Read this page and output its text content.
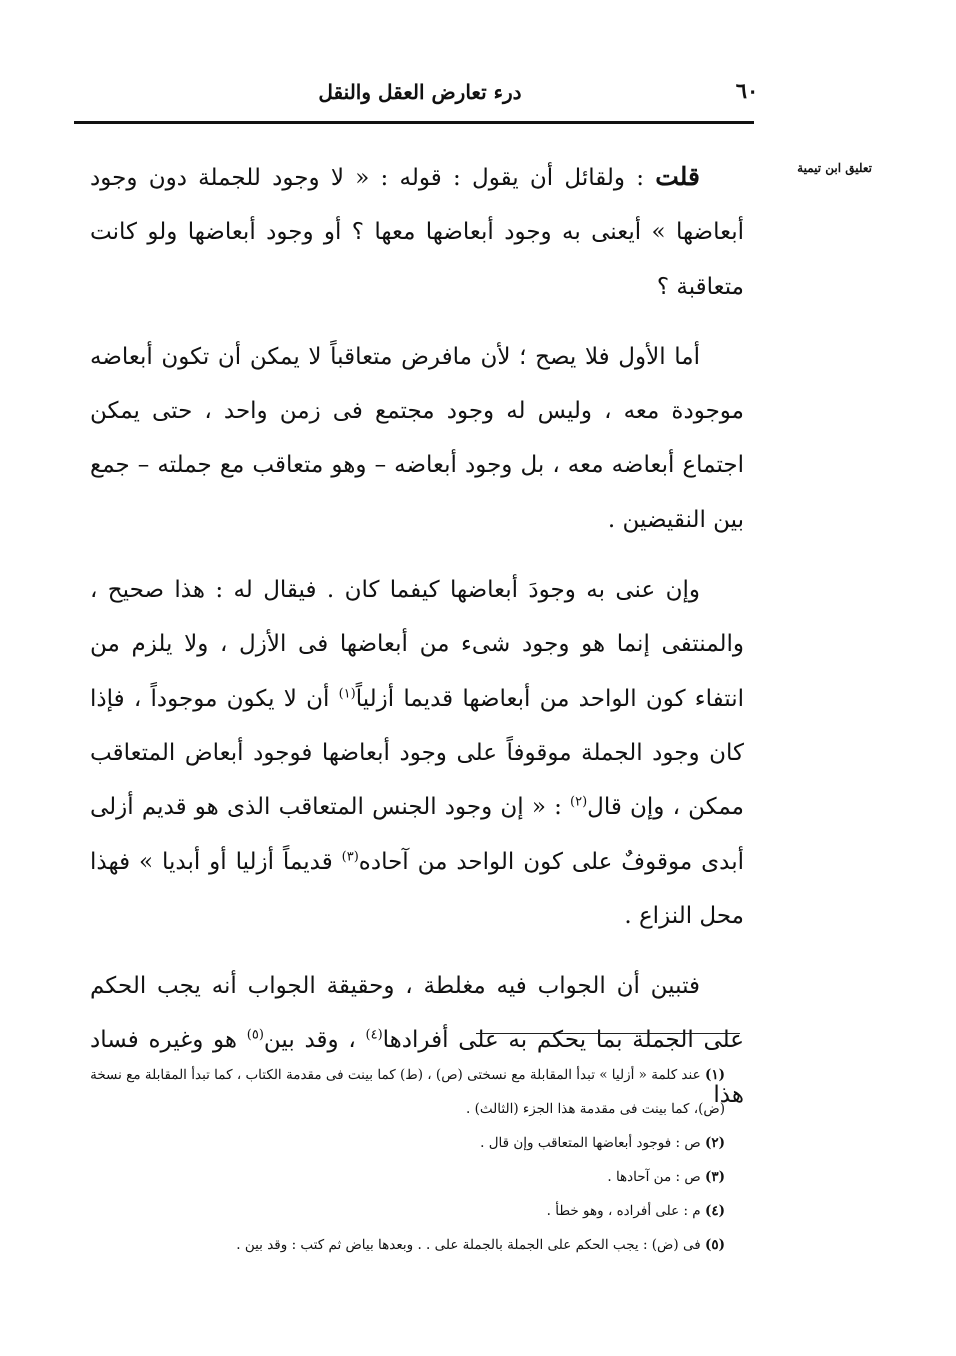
٦٠
درء تعارض العقل والنقل
تعليق ابن تيمية

قلت : ولقائل أن يقول : قوله : « لا وجود للجملة دون وجود أبعاضها » أيعنى به وجود أبعاضها معها ؟ أو وجود أبعاضها ولو كانت متعاقبة ؟

أما الأول فلا يصح ؛ لأن مافرض متعاقباً لا يمكن أن تكون أبعاضه موجودة معه ، وليس له وجود مجتمع فى زمن واحد ، حتى يمكن اجتماع أبعاضه معه ، بل وجود أبعاضه – وهو متعاقب مع جملته – جمع بين النقيضين .

وإن عنى به وجودَ أبعاضها كيفما كان . فيقال له : هذا صحيح ، والمنتفى إنما هو وجود شىء من أبعاضها فى الأزل ، ولا يلزم من انتفاء كون الواحد من أبعاضها قديما أزلياً$^{(١)}$ أن لا يكون موجوداً ، فإذا كان وجود الجملة موقوفاً على وجود أبعاضها فوجود أبعاض المتعاقب ممكن ، وإن قال$^{(٢)}$ : « إن وجود الجنس المتعاقب الذى هو قديم أزلى أبدى موقوفٌ على كون الواحد من آحاده$^{(٣)}$ قديماً أزليا أو أبديا » فهذا محل النزاع .

فتبين أن الجواب فيه مغلطة ، وحقيقة الجواب أنه يجب الحكم على الجملة بما يحكم به على أفرادها$^{(٤)}$ ، وقد بين$^{(٥)}$ هو وغيره فساد هذا

(١) عند كلمة « أزليا » تبدأ المقابلة مع نسختى (ص) ، (ط) كما بينت فى مقدمة الكتاب ، كما تبدأ المقابلة مع نسخة (ض)، كما بينت فى مقدمة هذا الجزء (الثالث) .

(٢) ص : فوجود أبعاضها المتعاقب وإن قال .

(٣) ص : من آحادها .

(٤) م : على أفراده ، وهو خطأ .

(٥) فى (ض) : يجب الحكم على الجملة بالجملة على . . وبعدها بياض ثم كتب : وقد بين .
